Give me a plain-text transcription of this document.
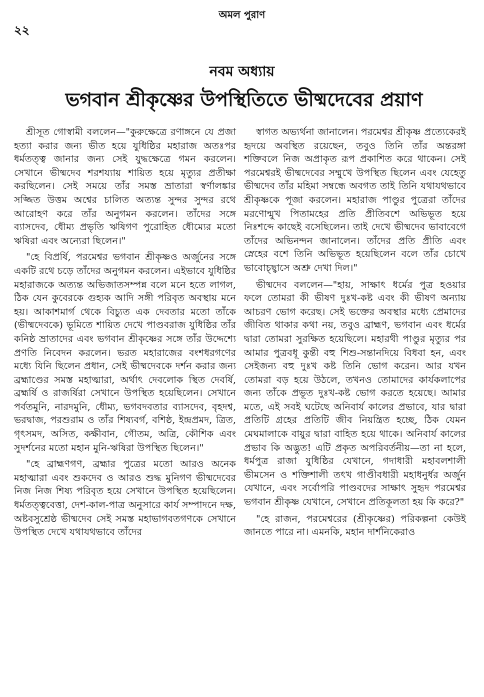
অমল পুরাণ
২২
নবম অধ্যায়
ভগবান শ্রীকৃষ্ণের উপস্থিতিতে ভীষ্মদেবের প্রয়াণ

শ্রীসূত গোস্বামী বললেন—"কুরুক্ষেত্রে রণাঙ্গনে যে প্রজা হত্যা করার জন্য ভীত হয়ে যুধিষ্ঠির মহারাজ অতঃপর ধর্মতত্ত্ব জানার জন্য সেই যুদ্ধক্ষেত্রে গমন করলেন। সেখানে ভীষ্মদেব শরশয্যায় শায়িত হয়ে মৃত্যুর প্রতীক্ষা করছিলেন। সেই সময়ে তাঁর সমস্ত ভ্রাতারা স্বর্ণালঙ্কার সজ্জিত উত্তম অশ্বের চালিত অত্যন্ত সুন্দর সুন্দর রথে আরোহণ করে তাঁর অনুগমন করলেন। তাঁদের সঙ্গে ব্যাসদেব, ধৌম্য প্রভৃতি ঋষিগণ পুরোহিত ধৌম্যের মতো ঋষিরা এবং অন্যেরা ছিলেন।"

"হে বিপ্রর্ষি, পরমেশ্বর ভগবান শ্রীকৃষ্ণও অর্জুনের সঙ্গে একটি রথে চড়ে তাঁদের অনুগমন করলেন। এইভাবে যুধিষ্ঠির মহারাজকে অত্যন্ত অভিজাতসম্পন্ন বলে মনে হতে লাগল, ঠিক যেন কুবেরকে গুহ্যক আদি সঙ্গী পরিবৃত অবস্থায় মনে হয়। আকাশমার্গ থেকে বিচ্যুত এক দেবতার মতো তাঁকে (ভীষ্মদেবকে) ভূমিতে শায়িত দেখে পাণ্ডবরাজ যুধিষ্ঠির তাঁর কনিষ্ঠ ভ্রাতাদের এবং ভগবান শ্রীকৃষ্ণের সঙ্গে তাঁর উদ্দেশ্যে প্রণতি নিবেদন করলেন। ভরত মহারাজের বংশধরগণের মধ্যে যিনি ছিলেন প্রধান, সেই ভীষ্মদেবকে দর্শন করার জন্য ব্রহ্মাণ্ডের সমস্ত মহাত্মারা, অর্থাৎ দেবলোক স্থিত দেবর্ষি, ব্রহ্মর্ষি ও রাজর্ষিরা সেখানে উপস্থিত হয়েছিলেন। সেখানে পর্বতমুনি, নারদমুনি, ধৌম্য, ভগবদবতার ব্যাসদেব, বৃহদশ্ব, ভরদ্বাজ, পরশুরাম ও তাঁর শিষ্যবর্গ, বশিষ্ঠ, ইন্দ্রপ্রমদ, ত্রিত, গৃৎসমদ, অসিত, কক্ষীবান, গৌতম, অত্রি, কৌশিক এবং সুদর্শনের মতো মহান মুনি-ঋষিরা উপস্থিত ছিলেন।"

"হে ব্রাহ্মণগণ, ব্রহ্মার পুত্রের মতো আরও অনেক মহাত্মারা এবং শুকদেব ও আরও শুদ্ধ মুনিগণ ভীষ্মদেবের নিজ নিজ শিষ্য পরিবৃত হয়ে সেখানে উপস্থিত হয়েছিলেন। ধর্মতত্ত্ববেত্তা, দেশ-কাল-পাত্র অনুসারে কার্য সম্পাদনে দক্ষ, অষ্টবসুশ্রেষ্ঠ ভীষ্মদেব সেই সমস্ত মহাভাগবতগণকে সেখানে উপস্থিত দেখে যথাযথভাবে তাঁদের

স্বাগত অভ্যর্থনা জানালেন। পরমেশ্বর শ্রীকৃষ্ণ প্রত্যেকেরই হৃদয়ে অবস্থিত রয়েছেন, তবুও তিনি তাঁর অন্তরঙ্গা শক্তিবলে নিজ অপ্রাকৃত রূপ প্রকাশিত করে থাকেন। সেই পরমেশ্বরই ভীষ্মদেবের সম্মুখে উপস্থিত ছিলেন এবং যেহেতু ভীষ্মদেব তাঁর মহিমা সম্বন্ধে অবগত তাই তিনি যথাযথভাবে শ্রীকৃষ্ণকে পূজা করলেন। মহারাজ পাণ্ডুর পুত্রেরা তাঁদের মরণোন্মুখ পিতামহের প্রতি প্রীতিবশে অভিভূত হয়ে নিঃশব্দে কাছেই বসেছিলেন। তাই দেখে ভীষ্মদেব ভাবাবেগে তাঁদের অভিনন্দন জানালেন। তাঁদের প্রতি প্রীতি এবং স্নেহের বশে তিনি অভিভূত হয়েছিলেন বলে তাঁর চোখে ভাবোচ্ছ্বাসে অশ্রু দেখা দিল।"

ভীষ্মদেব বললেন—"হায়, সাক্ষাৎ ধর্মের পুত্র হওয়ার ফলে তোমরা কী ভীষণ দুঃখ-কষ্ট এবং কী ভীষণ অন্যায় আচরণ ভোগ করেছ। সেই ভক্তের অবস্থার মধ্যে প্রেমাদের জীবিত থাকার কথা নয়, তবুও ব্রাহ্মণ, ভগবান এবং ধর্মের দ্বারা তোমরা সুরক্ষিত হয়েছিলে। মহারথী পাণ্ডুর মৃত্যুর পর আমার পুত্রবধূ কুন্তী বহু শিশু-সন্তানদিয়ে বিধবা হন, এবং সেইজন্য বহু দুঃখ কষ্ট তিনি ভোগ করেন। আর যখন তোমরা বড় হয়ে উঠলে, তখনও তোমাদের কার্যকলাপের জন্য তাঁকে প্রভূত দুঃখ-কষ্ট ভোগ করতে হয়েছে। আমার মতে, এই সবই ঘটেছে অনিবার্য কালের প্রভাবে, যার দ্বারা প্রতিটি গ্রহের প্রতিটি জীব নিয়ন্ত্রিত হচ্ছে, ঠিক যেমন মেঘমালাকে বায়ুর দ্বারা বাহিত হয়ে থাকে। অনিবার্য কালের প্রভাব কি অদ্ভুত! এটি প্রকৃত অপরিবর্তনীয়—তা না হলে, ধর্মপুত্র রাজা যুধিষ্ঠির যেখানে, গদাধারী মহাবলশালী ভীমসেন ও শক্তিশালী তৎখ গাণ্ডীবধারী মহাধনুর্ধর অর্জুন যেখানে, এবং সর্বোপরি পাণ্ডবদের সাক্ষাৎ সুহৃদ পরমেশ্বর ভগবান শ্রীকৃষ্ণ যেখানে, সেখানে প্রতিকূলতা হয় কি করে?"

"হে রাজন, পরমেশ্বরের (শ্রীকৃষ্ণের) পরিকল্পনা কেউই জানতে পারে না। এমনকি, মহান দার্শনিকেরাও
